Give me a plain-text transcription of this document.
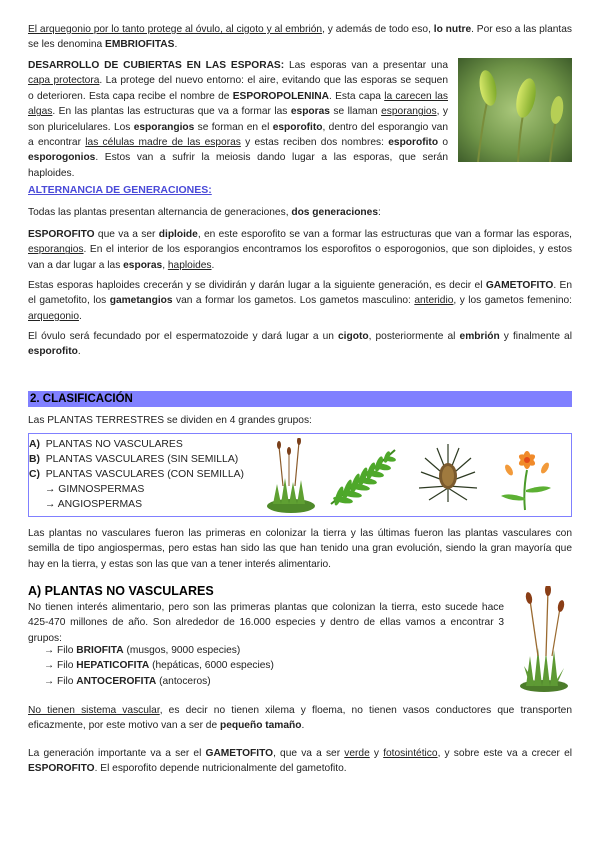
El arquegonio por lo tanto protege al óvulo, al cigoto y al embrión, y además de todo eso, lo nutre. Por eso a las plantas se les denomina EMBRIOFITAS.

DESARROLLO DE CUBIERTAS EN LAS ESPORAS: Las esporas van a presentar una capa protectora. La protege del nuevo entorno: el aire, evitando que las esporas se sequen o deterioren. Esta capa recibe el nombre de ESPOROPOLENINA. Esta capa la carecen las algas. En las plantas las estructuras que va a formar las esporas se llaman esporangios, y son pluricelulares. Los esporangios se forman en el esporofito, dentro del esporangio van a encontrar las células madre de las esporas y estas reciben dos nombres: esporofito o esporogonios. Estos van a sufrir la meiosis dando lugar a las esporas, que serán haploides.

ALTERNANCIA DE GENERACIONES:

Todas las plantas presentan alternancia de generaciones, dos generaciones:

ESPOROFITO que va a ser diploide, en este esporofito se van a formar las estructuras que van a formar las esporas, esporangios. En el interior de los esporangios encontramos los esporofitos o esporogonios, que son diploides, y estos van a dar lugar a las esporas, haploides.

Estas esporas haploides crecerán y se dividirán y darán lugar a la siguiente generación, es decir el GAMETOFITO. En el gametofito, los gametangios van a formar los gametos. Los gametos masculino: anteridio, y los gametos femenino: arquegonio.

El óvulo será fecundado por el espermatozoide y dará lugar a un cigoto, posteriormente al embrión y finalmente al esporofito.

2. CLASIFICACIÓN

Las PLANTAS TERRESTRES se dividen en 4 grandes grupos:

A) PLANTAS NO VASCULARES
B) PLANTAS VASCULARES (SIN SEMILLA)
C) PLANTAS VASCULARES (CON SEMILLA)
→ GIMNOSPERMAS
→ ANGIOSPERMAS

Las plantas no vasculares fueron las primeras en colonizar la tierra y las últimas fueron las plantas vasculares con semilla de tipo angiospermas, pero estas han sido las que han tenido una gran evolución, siendo la gran mayoría que hay en la tierra, y estas son las que van a tener interés alimentario.

A) PLANTAS NO VASCULARES

No tienen interés alimentario, pero son las primeras plantas que colonizan la tierra, esto sucede hace 425-470 millones de año. Son alrededor de 16.000 especies y dentro de ellas vamos a encontrar 3 grupos:

→ Filo BRIOFITA (musgos, 9000 especies)
→ Filo HEPATICOFITA (hepáticas, 6000 especies)
→ Filo ANTOCEROFITA (antoceros)

No tienen sistema vascular, es decir no tienen xilema y floema, no tienen vasos conductores que transporten eficazmente, por este motivo van a ser de pequeño tamaño.

La generación importante va a ser el GAMETOFITO, que va a ser verde y fotosintético, y sobre este va a crecer el ESPOROFITO. El esporofito depende nutricionalmente del gametofito.
